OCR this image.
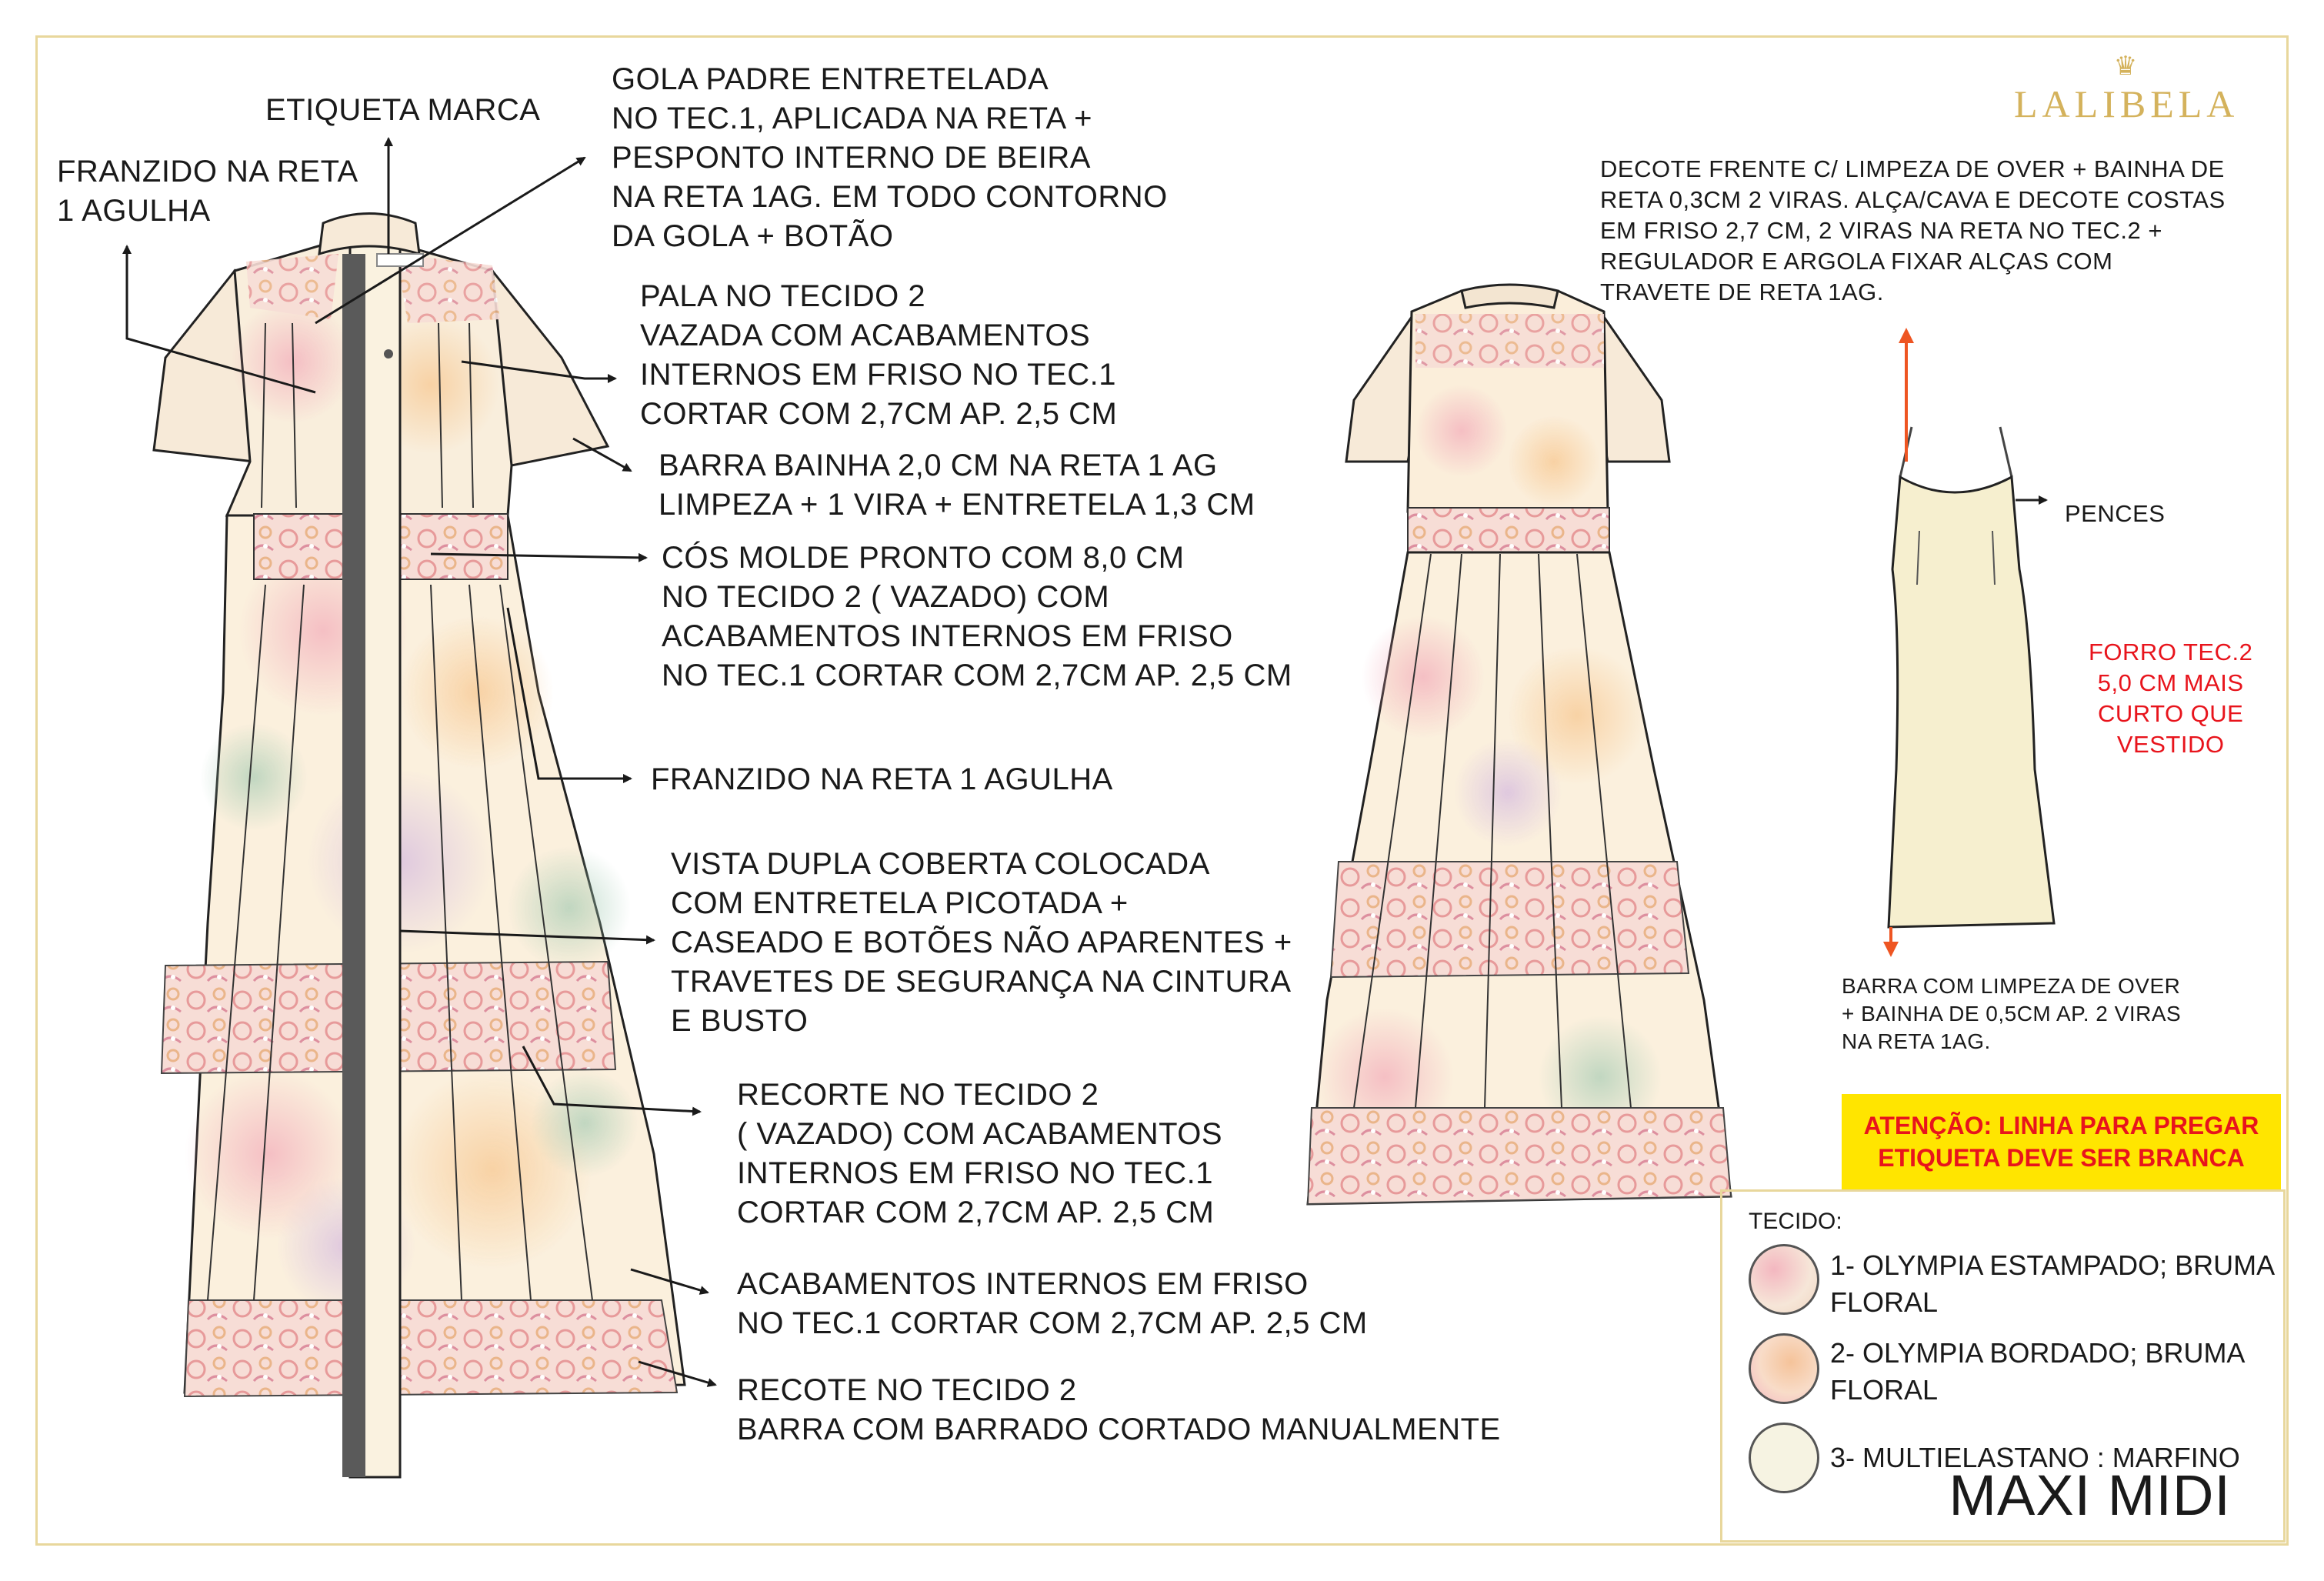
♛
LALIBELA
ETIQUETA MARCA
FRANZIDO NA RETA
1 AGULHA
GOLA PADRE ENTRETELADA
NO TEC.1, APLICADA NA RETA +
PESPONTO INTERNO DE BEIRA
NA RETA 1AG. EM TODO CONTORNO
DA GOLA + BOTÃO
PALA NO TECIDO 2
VAZADA COM ACABAMENTOS
INTERNOS EM FRISO NO TEC.1
CORTAR COM 2,7CM AP. 2,5 CM
BARRA BAINHA 2,0 CM NA RETA 1 AG
LIMPEZA + 1 VIRA + ENTRETELA 1,3 CM
CÓS MOLDE PRONTO COM 8,0 CM
NO TECIDO 2 ( VAZADO) COM
ACABAMENTOS INTERNOS EM FRISO
NO TEC.1 CORTAR COM 2,7CM AP. 2,5 CM
FRANZIDO NA RETA 1 AGULHA
VISTA DUPLA COBERTA COLOCADA
COM ENTRETELA PICOTADA +
CASEADO E BOTÕES NÃO APARENTES +
TRAVETES DE SEGURANÇA NA CINTURA
E BUSTO
RECORTE NO TECIDO 2
( VAZADO) COM ACABAMENTOS
INTERNOS EM FRISO NO TEC.1
CORTAR COM 2,7CM AP. 2,5 CM
ACABAMENTOS INTERNOS EM FRISO
NO TEC.1 CORTAR COM 2,7CM AP. 2,5 CM
RECOTE NO TECIDO 2
BARRA COM BARRADO CORTADO MANUALMENTE
DECOTE FRENTE C/ LIMPEZA DE OVER + BAINHA DE
RETA 0,3CM 2 VIRAS. ALÇA/CAVA E DECOTE COSTAS
EM FRISO 2,7 CM, 2 VIRAS NA RETA NO TEC.2 +
REGULADOR E ARGOLA FIXAR ALÇAS COM
TRAVETE DE RETA 1AG.
PENCES
FORRO TEC.2
5,0 CM MAIS
CURTO QUE
VESTIDO
BARRA COM LIMPEZA DE OVER
+ BAINHA DE 0,5CM AP. 2 VIRAS
NA RETA 1AG.
ATENÇÃO: LINHA PARA PREGAR
ETIQUETA DEVE SER BRANCA
TECIDO:
1- OLYMPIA ESTAMPADO; BRUMA
FLORAL
2- OLYMPIA BORDADO; BRUMA
FLORAL
3- MULTIELASTANO : MARFINO
MAXI MIDI
